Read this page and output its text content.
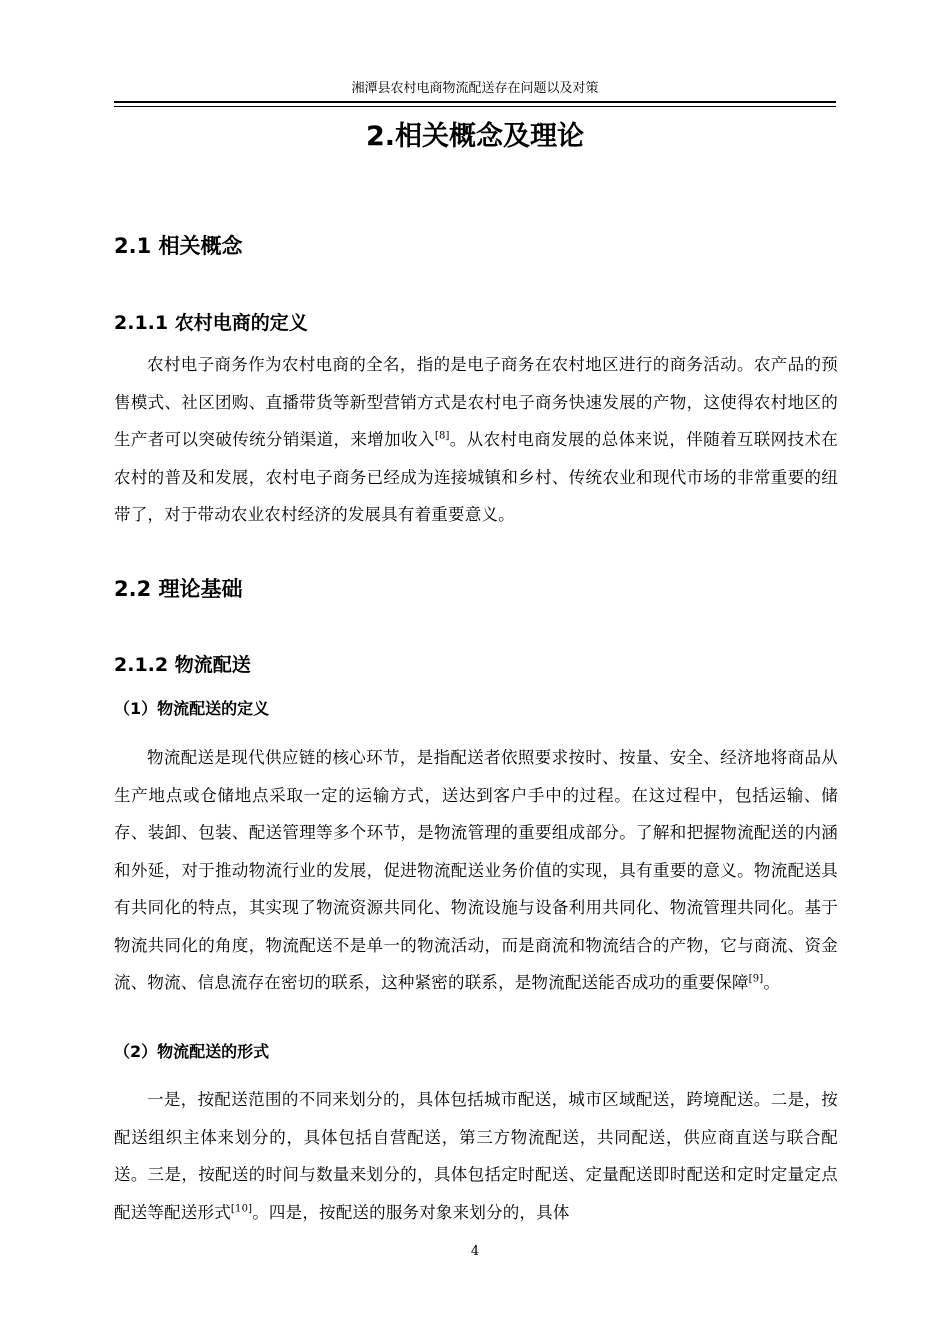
湘潭县农村电商物流配送存在问题以及对策
2.相关概念及理论
2.1 相关概念
2.1.1 农村电商的定义

农村电子商务作为农村电商的全名，指的是电子商务在农村地区进行的商务活动。农产品的预售模式、社区团购、直播带货等新型营销方式是农村电子商务快速发展的产物，这使得农村地区的生产者可以突破传统分销渠道，来增加收入[8]。从农村电商发展的总体来说，伴随着互联网技术在农村的普及和发展，农村电子商务已经成为连接城镇和乡村、传统农业和现代市场的非常重要的纽带了，对于带动农业农村经济的发展具有着重要意义。

2.2 理论基础
2.1.2 物流配送
（1）物流配送的定义

物流配送是现代供应链的核心环节，是指配送者依照要求按时、按量、安全、经济地将商品从生产地点或仓储地点采取一定的运输方式，送达到客户手中的过程。在这过程中，包括运输、储存、装卸、包装、配送管理等多个环节，是物流管理的重要组成部分。了解和把握物流配送的内涵和外延，对于推动物流行业的发展，促进物流配送业务价值的实现，具有重要的意义。物流配送具有共同化的特点，其实现了物流资源共同化、物流设施与设备利用共同化、物流管理共同化。基于物流共同化的角度，物流配送不是单一的物流活动，而是商流和物流结合的产物，它与商流、资金流、物流、信息流存在密切的联系，这种紧密的联系，是物流配送能否成功的重要保障[9]。

（2）物流配送的形式

一是，按配送范围的不同来划分的，具体包括城市配送，城市区域配送，跨境配送。二是，按配送组织主体来划分的，具体包括自营配送，第三方物流配送，共同配送，供应商直送与联合配送。三是，按配送的时间与数量来划分的，具体包括定时配送、定量配送即时配送和定时定量定点配送等配送形式[10]。四是，按配送的服务对象来划分的，具体

4
